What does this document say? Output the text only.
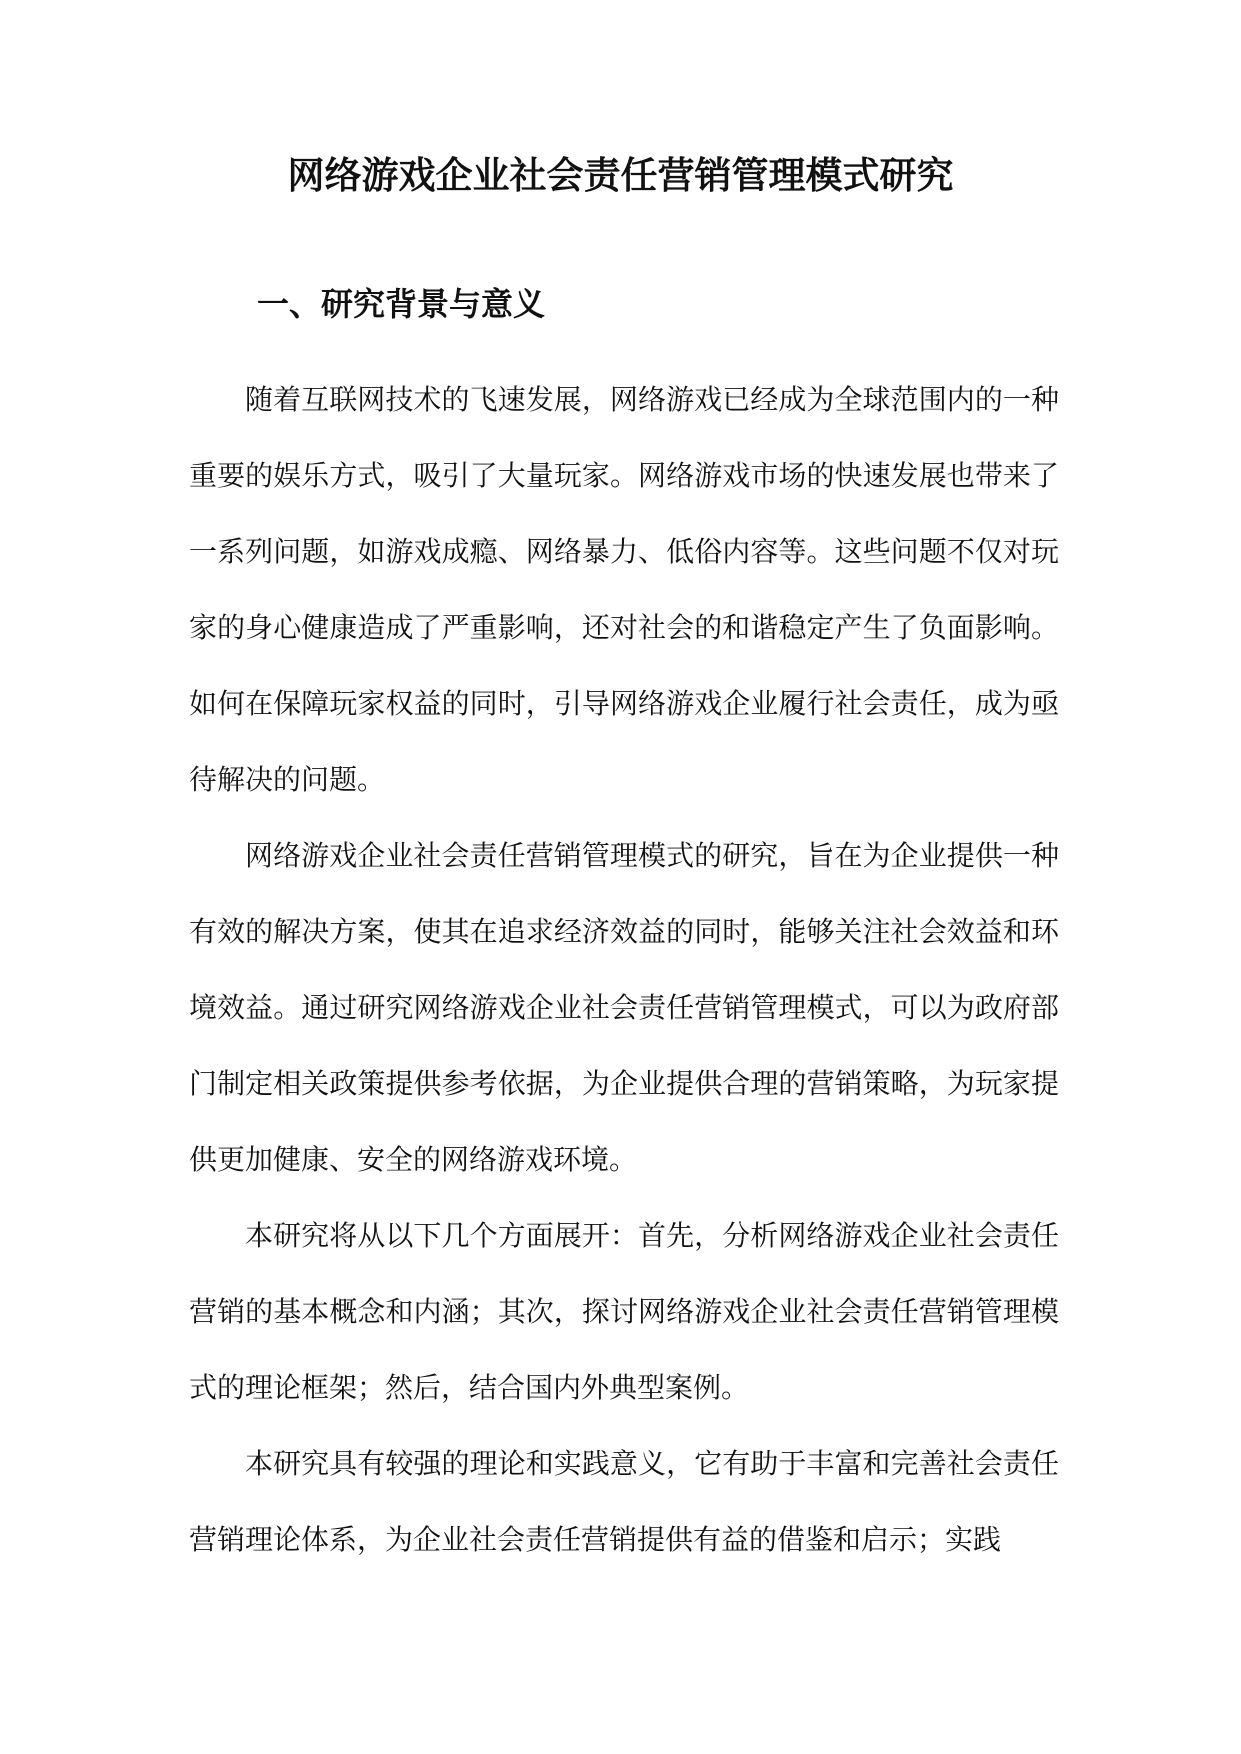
网络游戏企业社会责任营销管理模式研究
一、研究背景与意义

随着互联网技术的飞速发展，网络游戏已经成为全球范围内的一种重要的娱乐方式，吸引了大量玩家。网络游戏市场的快速发展也带来了一系列问题，如游戏成瘾、网络暴力、低俗内容等。这些问题不仅对玩家的身心健康造成了严重影响，还对社会的和谐稳定产生了负面影响。如何在保障玩家权益的同时，引导网络游戏企业履行社会责任，成为亟待解决的问题。

网络游戏企业社会责任营销管理模式的研究，旨在为企业提供一种有效的解决方案，使其在追求经济效益的同时，能够关注社会效益和环境效益。通过研究网络游戏企业社会责任营销管理模式，可以为政府部门制定相关政策提供参考依据，为企业提供合理的营销策略，为玩家提供更加健康、安全的网络游戏环境。

本研究将从以下几个方面展开：首先，分析网络游戏企业社会责任营销的基本概念和内涵；其次，探讨网络游戏企业社会责任营销管理模式的理论框架；然后，结合国内外典型案例。

本研究具有较强的理论和实践意义，它有助于丰富和完善社会责任营销理论体系，为企业社会责任营销提供有益的借鉴和启示；实践
